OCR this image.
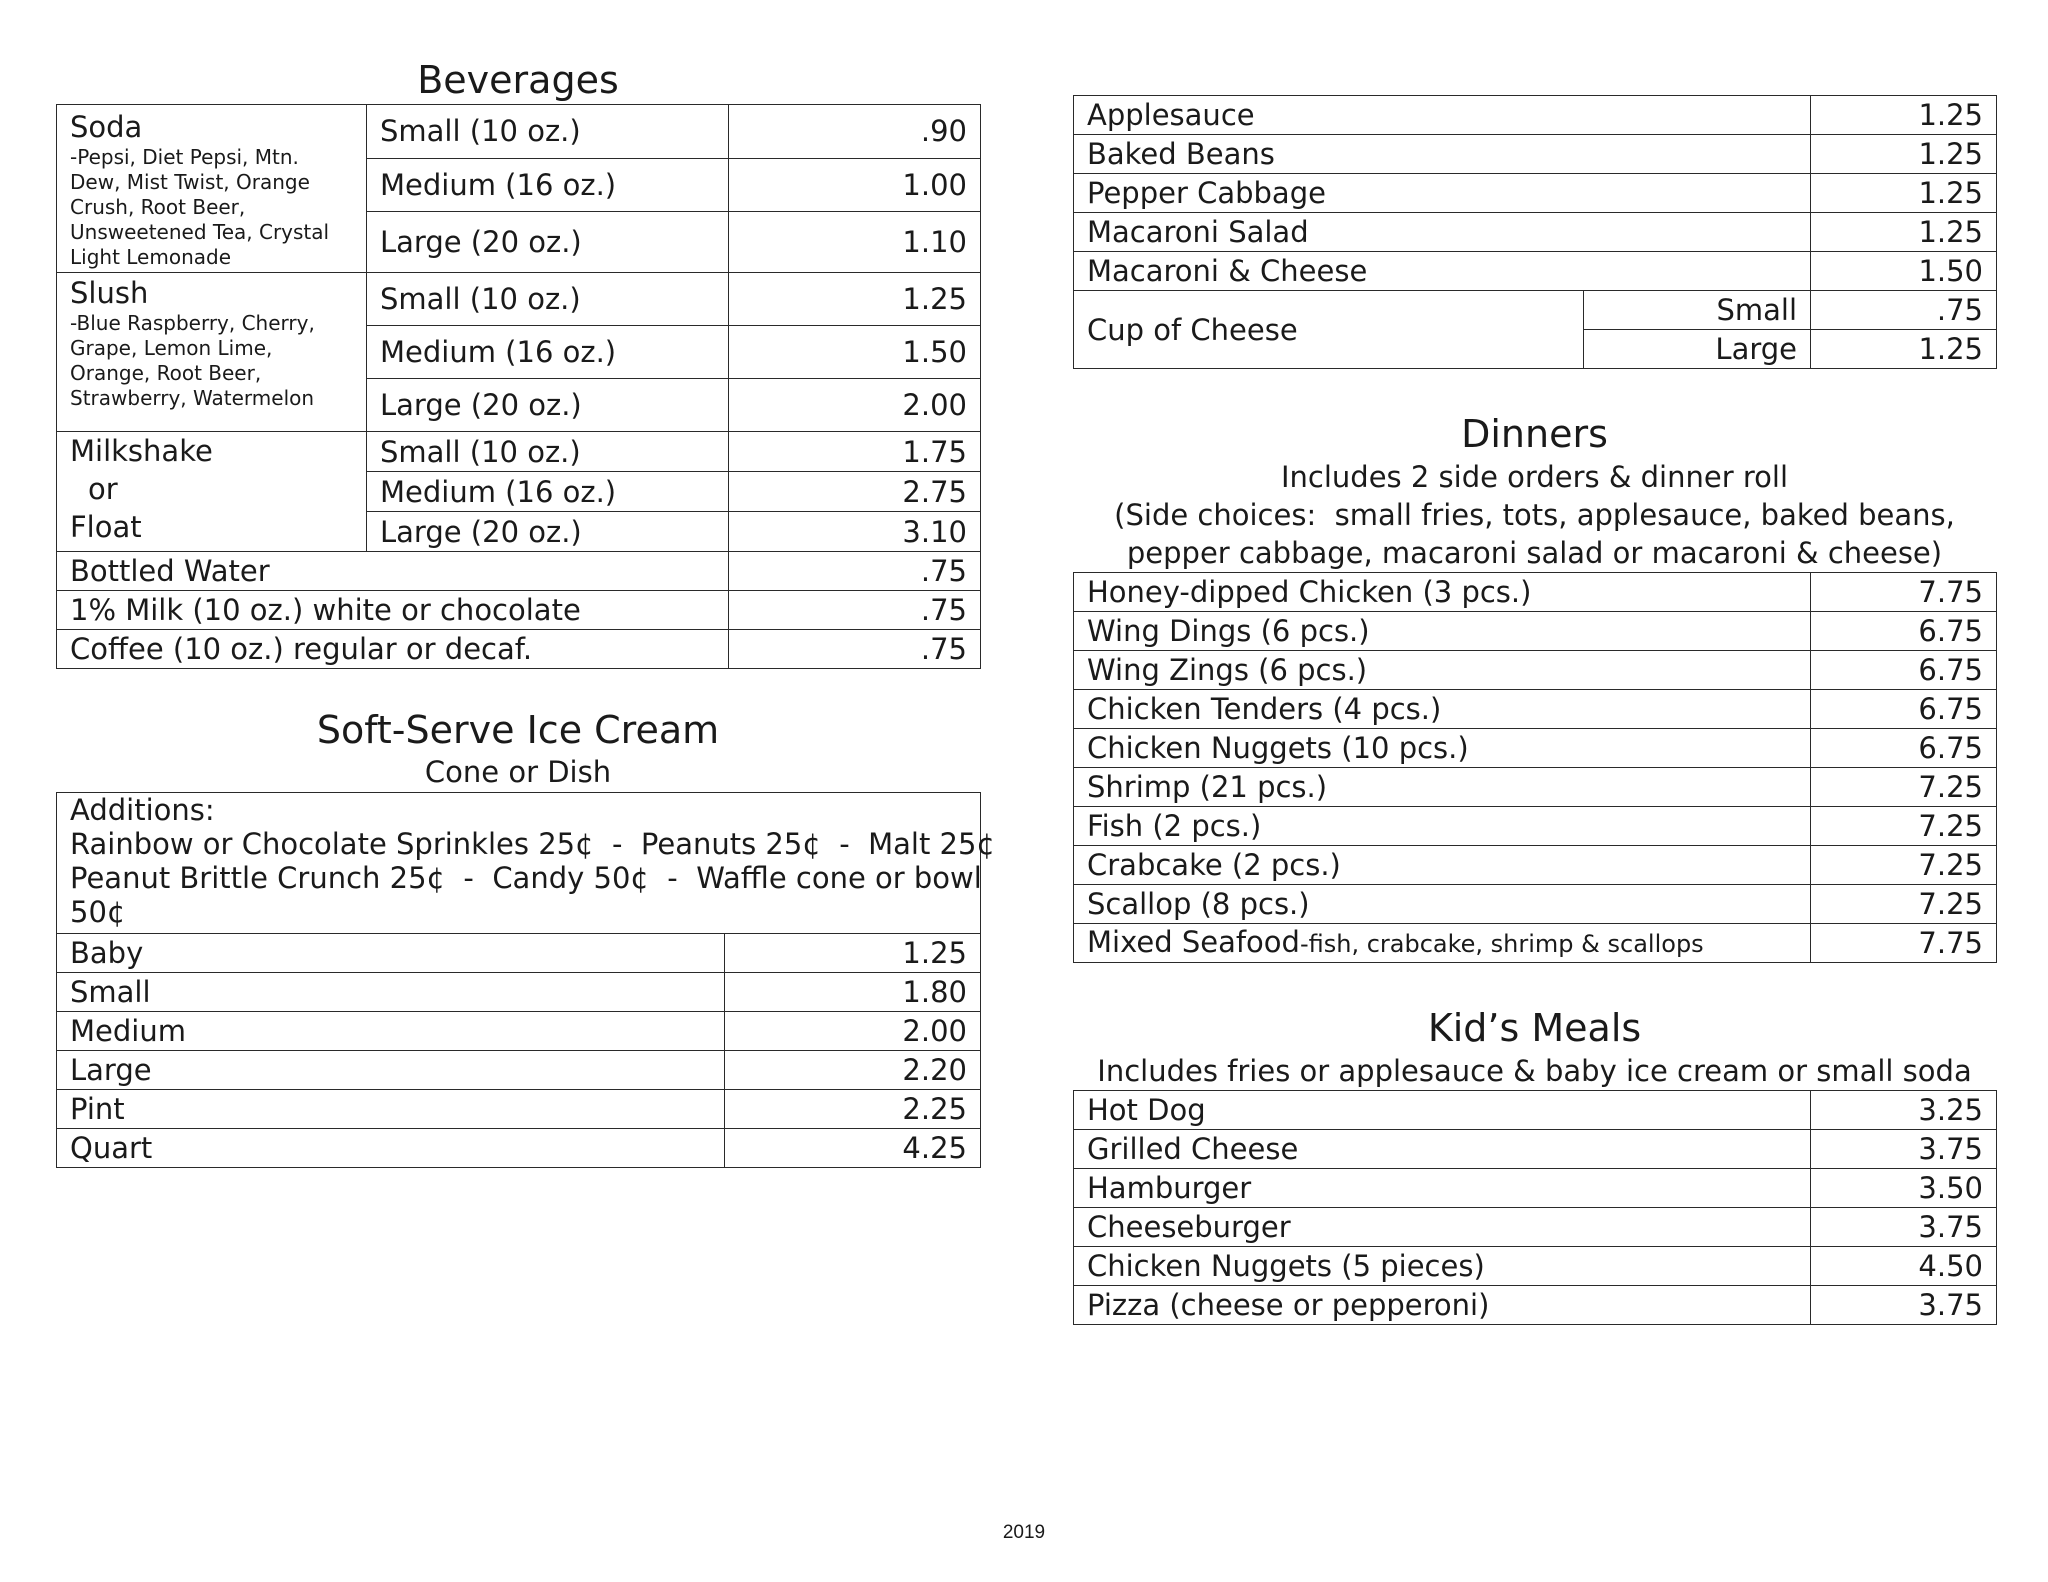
Beverages
Soda
-Pepsi, Diet Pepsi, Mtn. Dew, Mist Twist, Orange Crush, Root Beer, Unsweetened Tea, Crystal Light Lemonade	Small (10 oz.)	.90
	Medium (16 oz.)	1.00
	Large (20 oz.)	1.10
Slush
-Blue Raspberry, Cherry, Grape, Lemon Lime, Orange, Root Beer, Strawberry, Watermelon	Small (10 oz.)	1.25
	Medium (16 oz.)	1.50
	Large (20 oz.)	2.00

Milkshake
or
Float	Small (10 oz.)	1.75
	Medium (16 oz.)	2.75
	Large (20 oz.)	3.10
Bottled Water		.75
1% Milk (10 oz.) white or chocolate		.75
Coffee (10 oz.) regular or decaf.		.75
Soft-Serve Ice Cream
Cone or Dish
Additions:
Rainbow or Chocolate Sprinkles 25¢  -  Peanuts 25¢  -  Malt 25¢
Peanut Brittle Crunch 25¢  -  Candy 50¢  -  Waffle cone or bowl
50¢	

Baby	1.25
Small	1.80
Medium	2.00
Large	2.20
Pint	2.25
Quart	4.25
Applesauce		1.25
Baked Beans		1.25
Pepper Cabbage		1.25
Macaroni Salad		1.25
Macaroni & Cheese		1.50
Cup of Cheese	Small	.75
	Large	1.25
Dinners
Includes 2 side orders & dinner roll
(Side choices:  small fries, tots, applesauce, baked beans,
pepper cabbage, macaroni salad or macaroni & cheese)
Honey-dipped Chicken (3 pcs.)	7.75
Wing Dings (6 pcs.)	6.75
Wing Zings (6 pcs.)	6.75
Chicken Tenders (4 pcs.)	6.75
Chicken Nuggets (10 pcs.)	6.75
Shrimp (21 pcs.)	7.25
Fish (2 pcs.)	7.25
Crabcake (2 pcs.)	7.25
Scallop (8 pcs.)	7.25
Mixed Seafood-fish, crabcake, shrimp & scallops	7.75
Kid’s Meals
Includes fries or applesauce & baby ice cream or small soda
Hot Dog	3.25
Grilled Cheese	3.75
Hamburger	3.50
Cheeseburger	3.75
Chicken Nuggets (5 pieces)	4.50
Pizza (cheese or pepperoni)	3.75
2019
